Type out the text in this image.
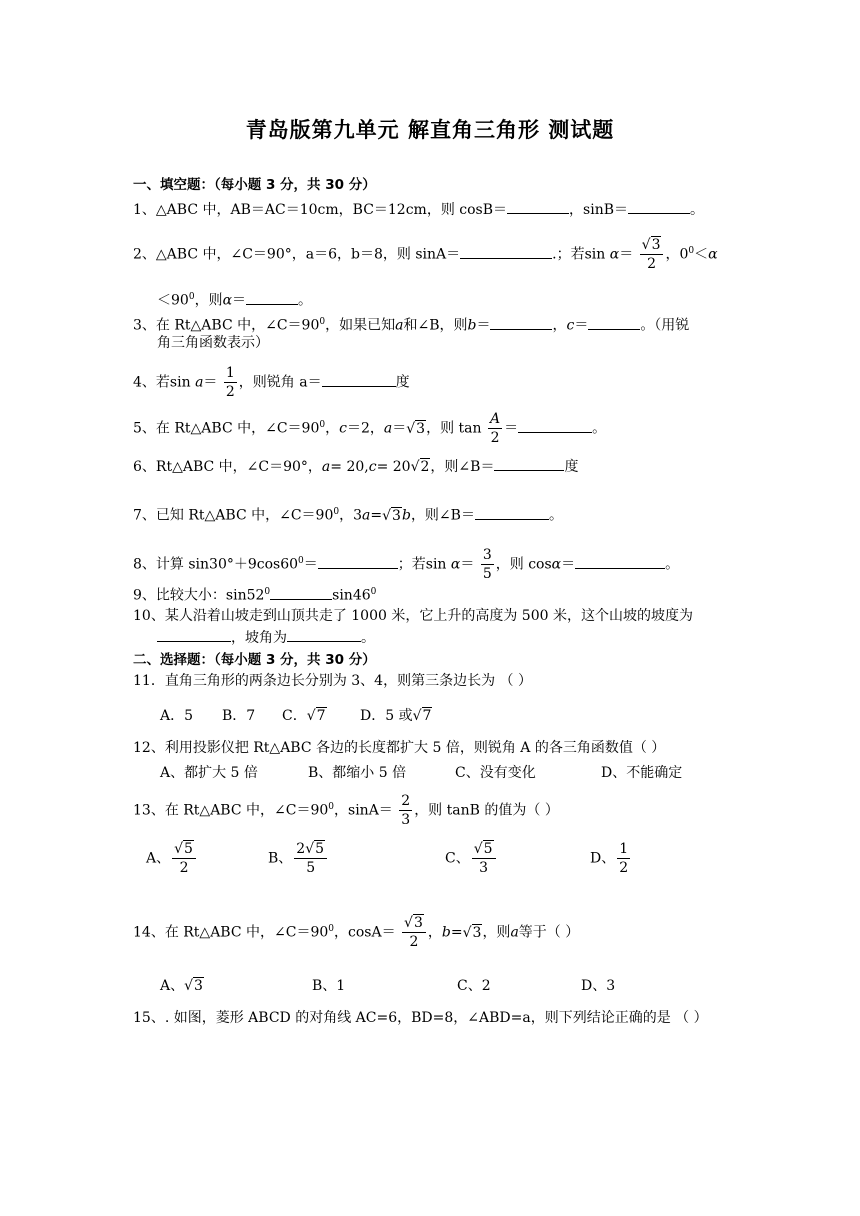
青岛版第九单元 解直角三角形 测试题
一、填空题：（每小题 3 分，共 30 分）
1、△ABC 中，AB＝AC＝10cm，BC＝12cm，则 cosB＝	，sinB＝	。
2、△ABC 中，∠C＝90°，a＝6，b＝8，则 sinA＝	.；若$\sin \alpha= \frac{√3}{2}$ ，$0^0<\alpha$
$<90^0$，则α＝	。
3、在 Rt△ABC 中，$\angle C=90^0$，如果已知a和∠B，则b＝	，c＝	。（用锐
角三角函数表示）
4、若$\sin a= \frac{1}{2}$ ，则锐角 a＝	度
5、在 Rt△ABC 中，$\angle C=90^0$，c＝2，a＝√3，则 $\tan \frac{A}{2}$ ＝	。
6、Rt△ABC 中，∠C＝90°，a= 20,c= 20√2，则∠B＝	度
7、已知 Rt△ABC 中，$\angle C=90^0$，3a=√3b，则∠B＝	。
8、计算 $\sin 30^\circ+9\cos 60^0=$	；若$\sin \alpha= \frac{3}{5}$ ，则 cosα＝	。
9、比较大小：$\sin 52^0$	$\sin 46^0$
10、某人沿着山坡走到山顶共走了 1000 米，它上升的高度为 500 米，这个山坡的坡度为
，坡角为	。
二、选择题：（每小题 3 分，共 30 分）
11．直角三角形的两条边长分别为 3、4，则第三条边长为 （ ）
A．5 B．7 C．√7 D．5 或√7
12、利用投影仪把 Rt△ABC 各边的长度都扩大 5 倍，则锐角 A 的各三角函数值（ ）
A、都扩大 5 倍	B、都缩小 5 倍	C、没有变化	D、不能确定
13、在 Rt△ABC 中，$\angle C=90^0$，$\sin A= \frac{2}{3}$ ，则 tanB 的值为（ ）
A、 $\frac{√5}{2}$	B、 $\frac{2√5}{5}$	C、 $\frac{√5}{3}$	D、 $\frac{1}{2}$
14、在 Rt△ABC 中，$\angle C=90^0$，$\cos A= \frac{√3}{2}$ ，b=√3，则a等于（ ）
A、√3	B、1	C、2	D、3
15、. 如图，菱形 ABCD 的对角线 AC=6，BD=8，∠ABD=a，则下列结论正确的是 （ ）
